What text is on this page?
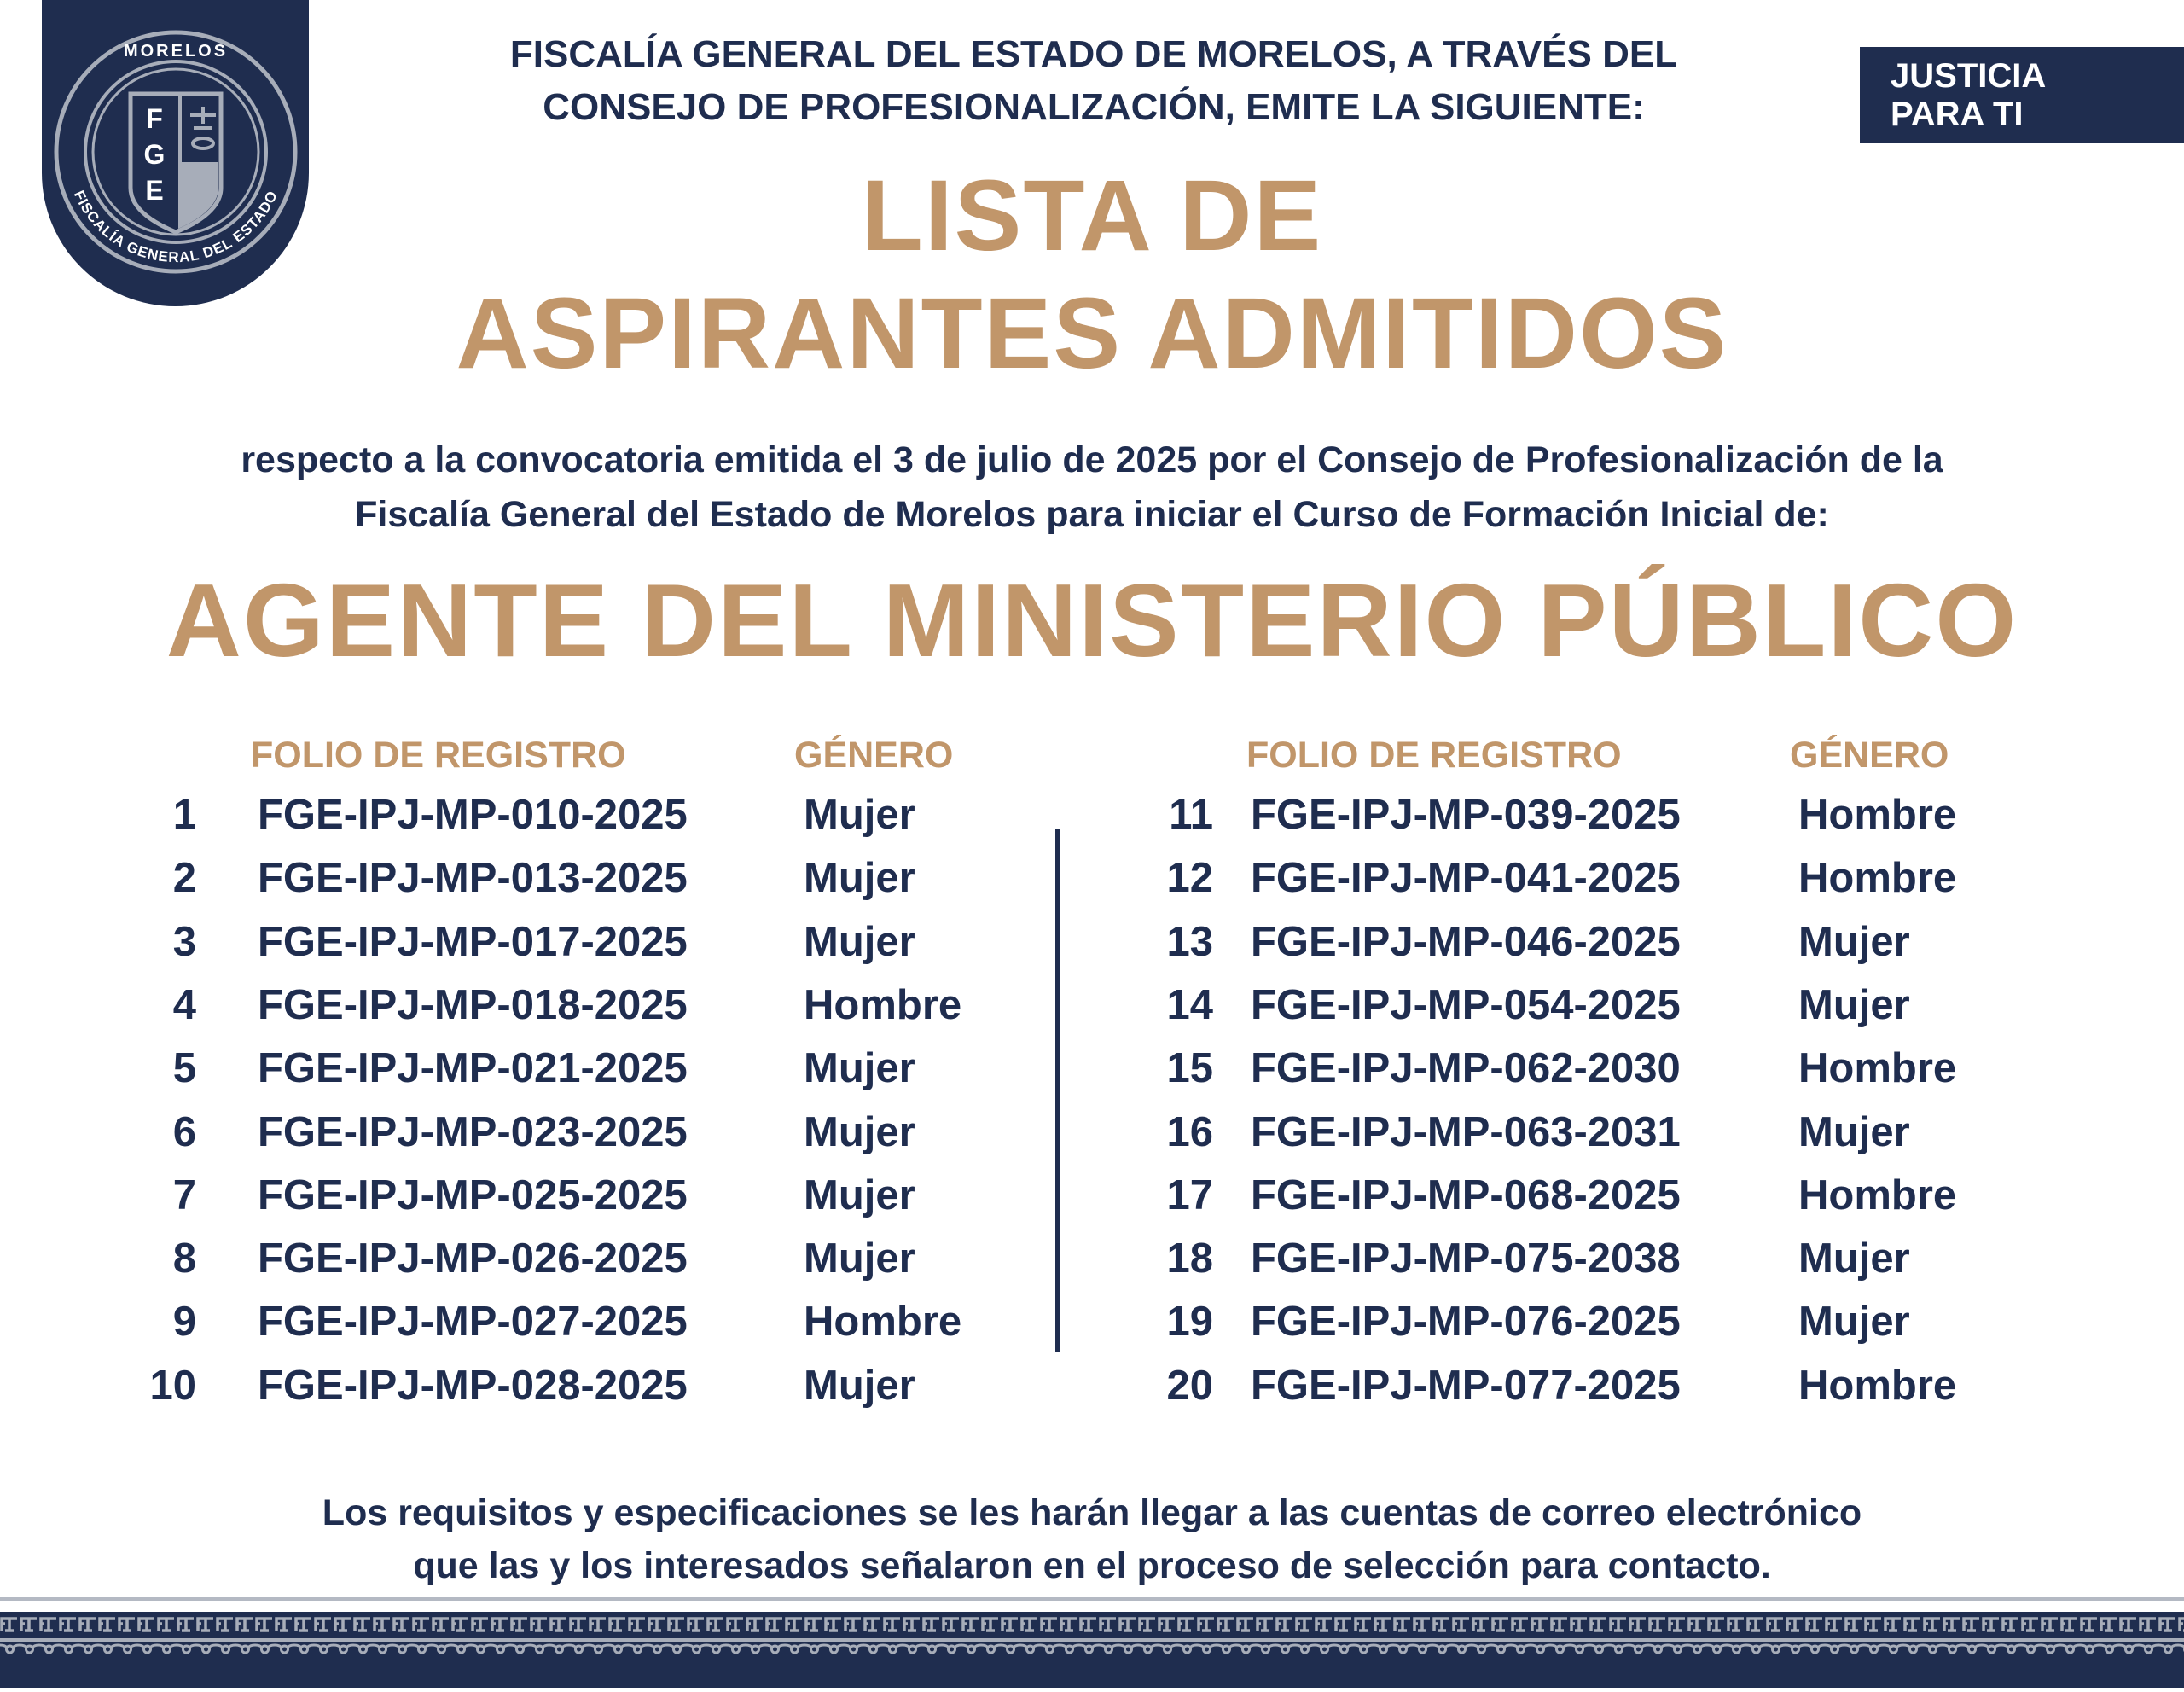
MORELOS
FISCALÍA GENERAL DEL ESTADO
F
G
E
FISCALÍA GENERAL DEL ESTADO DE MORELOS, A TRAVÉS DEL
CONSEJO DE PROFESIONALIZACIÓN, EMITE LA SIGUIENTE:
JUSTICIA
PARA TI
LISTA DE
ASPIRANTES ADMITIDOS
respecto a la convocatoria emitida el 3 de julio de 2025 por el Consejo de Profesionalización de la
Fiscalía General del Estado de Morelos para iniciar el Curso de Formación Inicial de:
AGENTE DEL MINISTERIO PÚBLICO
FOLIO DE REGISTRO	GÉNERO	FOLIO DE REGISTRO	GÉNERO
1 FGE-IPJ-MP-010-2025	Mujer
2 FGE-IPJ-MP-013-2025	Mujer
3 FGE-IPJ-MP-017-2025	Mujer
4 FGE-IPJ-MP-018-2025	Hombre
5 FGE-IPJ-MP-021-2025	Mujer
6 FGE-IPJ-MP-023-2025	Mujer
7 FGE-IPJ-MP-025-2025	Mujer
8 FGE-IPJ-MP-026-2025	Mujer
9 FGE-IPJ-MP-027-2025	Hombre
10 FGE-IPJ-MP-028-2025	Mujer
11 FGE-IPJ-MP-039-2025	Hombre
12 FGE-IPJ-MP-041-2025	Hombre
13 FGE-IPJ-MP-046-2025	Mujer
14 FGE-IPJ-MP-054-2025	Mujer
15 FGE-IPJ-MP-062-2030	Hombre
16 FGE-IPJ-MP-063-2031	Mujer
17 FGE-IPJ-MP-068-2025	Hombre
18 FGE-IPJ-MP-075-2038	Mujer
19 FGE-IPJ-MP-076-2025	Mujer
20 FGE-IPJ-MP-077-2025	Hombre
Los requisitos y especificaciones se les harán llegar a las cuentas de correo electrónico
que las y los interesados señalaron en el proceso de selección para contacto.
